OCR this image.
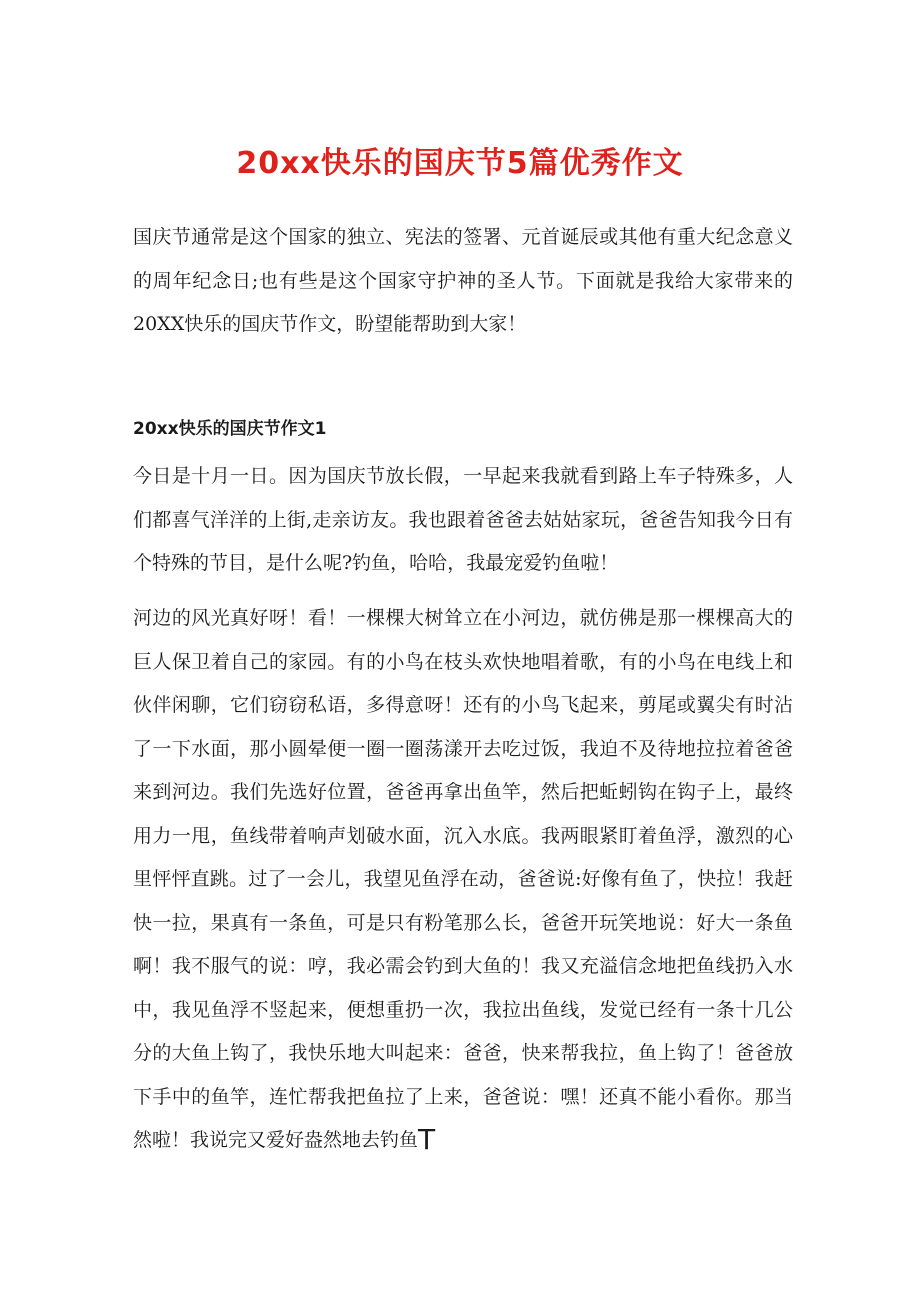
20xx快乐的国庆节5篇优秀作文

国庆节通常是这个国家的独立、宪法的签署、元首诞辰或其他有重大纪念意义的周年纪念日;也有些是这个国家守护神的圣人节。下面就是我给大家带来的20XX快乐的国庆节作文，盼望能帮助到大家！

20xx快乐的国庆节作文1

今日是十月一日。因为国庆节放长假，一早起来我就看到路上车子特殊多，人们都喜气洋洋的上街,走亲访友。我也跟着爸爸去姑姑家玩，爸爸告知我今日有个特殊的节目，是什么呢?钓鱼，哈哈，我最宠爱钓鱼啦！

河边的风光真好呀！看！一棵棵大树耸立在小河边，就仿佛是那一棵棵高大的巨人保卫着自己的家园。有的小鸟在枝头欢快地唱着歌，有的小鸟在电线上和伙伴闲聊，它们窃窃私语，多得意呀！还有的小鸟飞起来，剪尾或翼尖有时沾了一下水面，那小圆晕便一圈一圈荡漾开去吃过饭，我迫不及待地拉拉着爸爸来到河边。我们先选好位置，爸爸再拿出鱼竿，然后把蚯蚓钩在钩子上，最终用力一甩，鱼线带着响声划破水面，沉入水底。我两眼紧盯着鱼浮，激烈的心里怦怦直跳。过了一会儿，我望见鱼浮在动，爸爸说:好像有鱼了，快拉！我赶快一拉，果真有一条鱼，可是只有粉笔那么长，爸爸开玩笑地说：好大一条鱼啊！我不服气的说：哼，我必需会钓到大鱼的！我又充溢信念地把鱼线扔入水中，我见鱼浮不竖起来，便想重扔一次，我拉出鱼线，发觉已经有一条十几公分的大鱼上钩了，我快乐地大叫起来：爸爸，快来帮我拉，鱼上钩了！爸爸放下手中的鱼竿，连忙帮我把鱼拉了上来，爸爸说：嘿！还真不能小看你。那当然啦！我说完又爱好盎然地去钓鱼T
